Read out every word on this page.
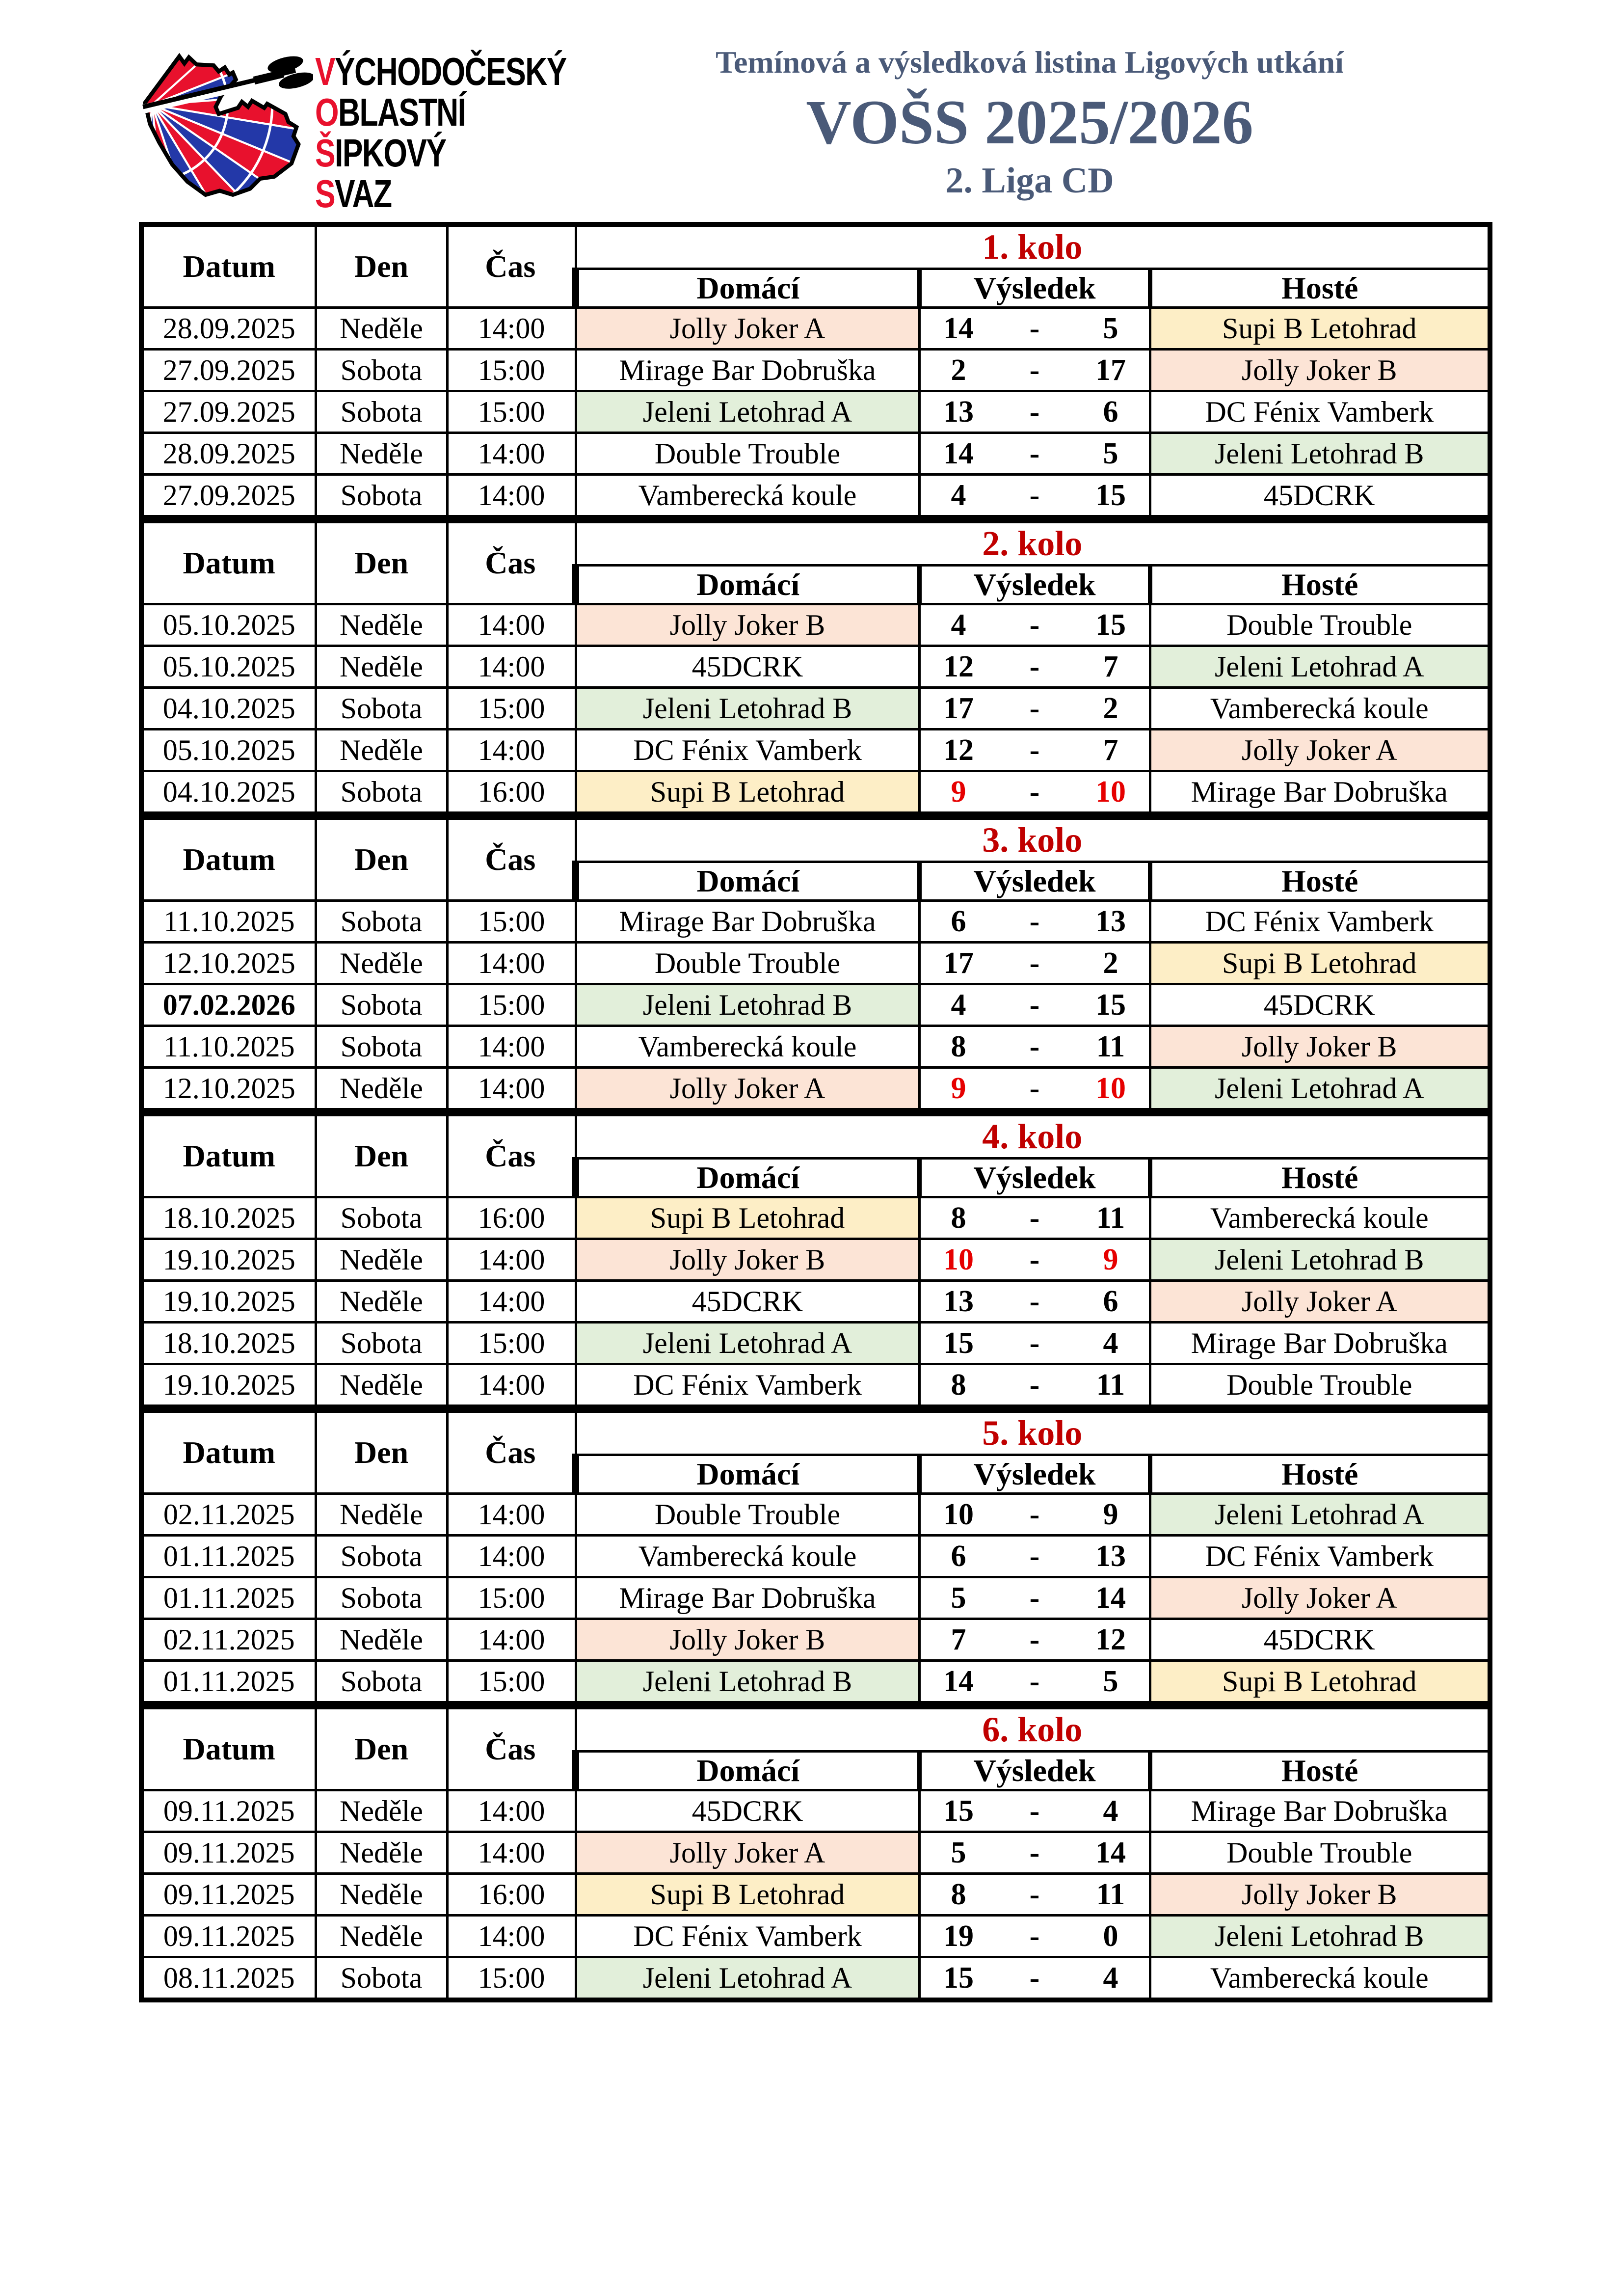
VÝCHODOČESKÝ
OBLASTNÍ
ŠIPKOVÝ
SVAZ
Temínová a výsledková listina Ligových utkání
VOŠS 2025/2026
2. Liga CD
Datum	Den	Čas	1. kolo		
			Domácí	Výsledek	Hosté
28.09.2025	Neděle	14:00	Jolly Joker A	14 - 5	Supi B Letohrad
27.09.2025	Sobota	15:00	Mirage Bar Dobruška	2 - 17	Jolly Joker B
27.09.2025	Sobota	15:00	Jeleni Letohrad A	13 - 6	DC Fénix Vamberk
28.09.2025	Neděle	14:00	Double Trouble	14 - 5	Jeleni Letohrad B
27.09.2025	Sobota	14:00	Vamberecká koule	4 - 15	45DCRK
Datum	Den	Čas	2. kolo		
			Domácí	Výsledek	Hosté
05.10.2025	Neděle	14:00	Jolly Joker B	4 - 15	Double Trouble
05.10.2025	Neděle	14:00	45DCRK	12 - 7	Jeleni Letohrad A
04.10.2025	Sobota	15:00	Jeleni Letohrad B	17 - 2	Vamberecká koule
05.10.2025	Neděle	14:00	DC Fénix Vamberk	12 - 7	Jolly Joker A
04.10.2025	Sobota	16:00	Supi B Letohrad	9 - 10	Mirage Bar Dobruška
Datum	Den	Čas	3. kolo		
			Domácí	Výsledek	Hosté
11.10.2025	Sobota	15:00	Mirage Bar Dobruška	6 - 13	DC Fénix Vamberk
12.10.2025	Neděle	14:00	Double Trouble	17 - 2	Supi B Letohrad
07.02.2026	Sobota	15:00	Jeleni Letohrad B	4 - 15	45DCRK
11.10.2025	Sobota	14:00	Vamberecká koule	8 - 11	Jolly Joker B
12.10.2025	Neděle	14:00	Jolly Joker A	9 - 10	Jeleni Letohrad A
Datum	Den	Čas	4. kolo		
			Domácí	Výsledek	Hosté
18.10.2025	Sobota	16:00	Supi B Letohrad	8 - 11	Vamberecká koule
19.10.2025	Neděle	14:00	Jolly Joker B	10 - 9	Jeleni Letohrad B
19.10.2025	Neděle	14:00	45DCRK	13 - 6	Jolly Joker A
18.10.2025	Sobota	15:00	Jeleni Letohrad A	15 - 4	Mirage Bar Dobruška
19.10.2025	Neděle	14:00	DC Fénix Vamberk	8 - 11	Double Trouble
Datum	Den	Čas	5. kolo		
			Domácí	Výsledek	Hosté
02.11.2025	Neděle	14:00	Double Trouble	10 - 9	Jeleni Letohrad A
01.11.2025	Sobota	14:00	Vamberecká koule	6 - 13	DC Fénix Vamberk
01.11.2025	Sobota	15:00	Mirage Bar Dobruška	5 - 14	Jolly Joker A
02.11.2025	Neděle	14:00	Jolly Joker B	7 - 12	45DCRK
01.11.2025	Sobota	15:00	Jeleni Letohrad B	14 - 5	Supi B Letohrad
Datum	Den	Čas	6. kolo		
			Domácí	Výsledek	Hosté
09.11.2025	Neděle	14:00	45DCRK	15 - 4	Mirage Bar Dobruška
09.11.2025	Neděle	14:00	Jolly Joker A	5 - 14	Double Trouble
09.11.2025	Neděle	16:00	Supi B Letohrad	8 - 11	Jolly Joker B
09.11.2025	Neděle	14:00	DC Fénix Vamberk	19 - 0	Jeleni Letohrad B
08.11.2025	Sobota	15:00	Jeleni Letohrad A	15 - 4	Vamberecká koule
